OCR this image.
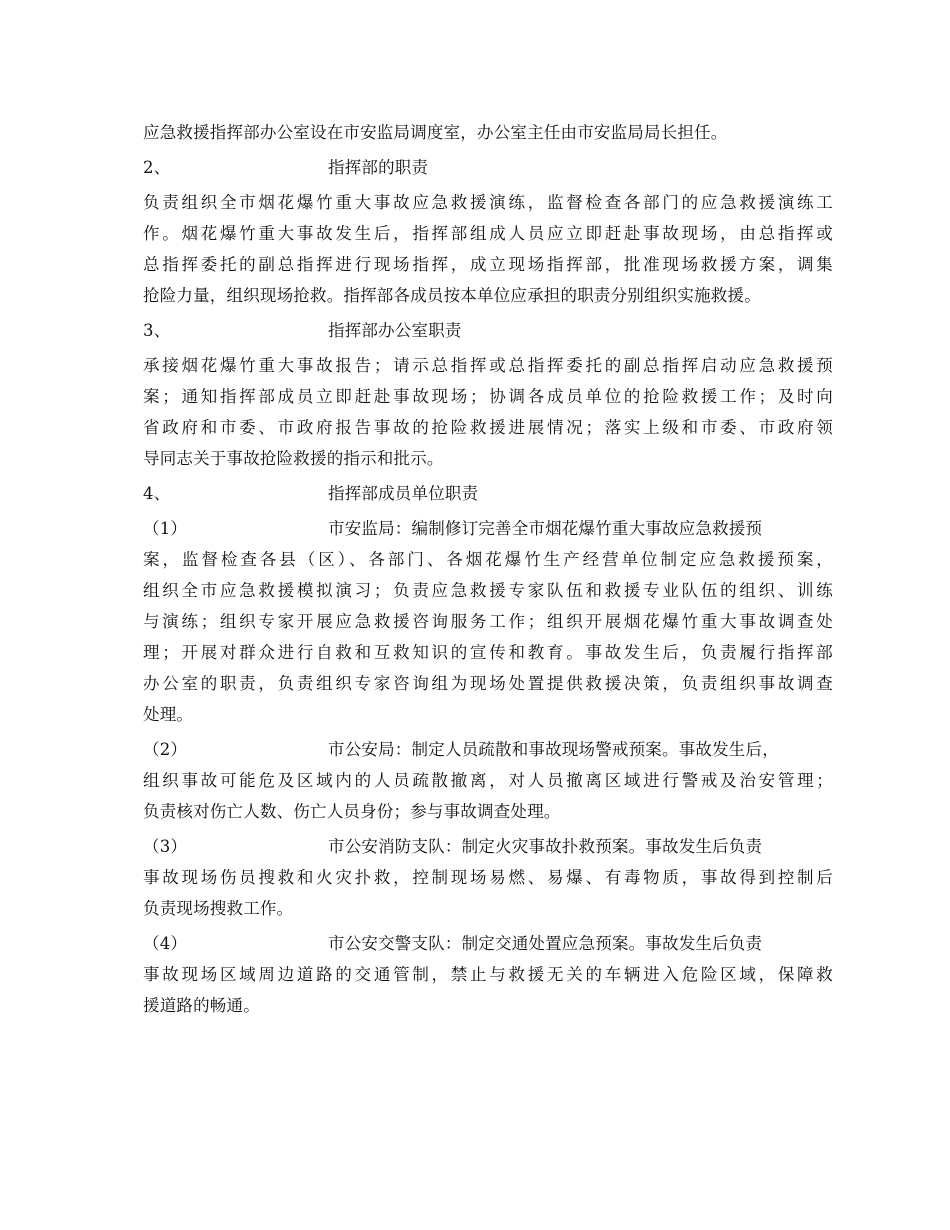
应急救援指挥部办公室设在市安监局调度室，办公室主任由市安监局局长担任。
2、	指挥部的职责
负责组织全市烟花爆竹重大事故应急救援演练，监督检查各部门的应急救援演练工
作。烟花爆竹重大事故发生后，指挥部组成人员应立即赶赴事故现场，由总指挥或
总指挥委托的副总指挥进行现场指挥，成立现场指挥部，批准现场救援方案，调集
抢险力量，组织现场抢救。指挥部各成员按本单位应承担的职责分别组织实施救援。
3、	指挥部办公室职责
承接烟花爆竹重大事故报告；请示总指挥或总指挥委托的副总指挥启动应急救援预
案；通知指挥部成员立即赶赴事故现场；协调各成员单位的抢险救援工作；及时向
省政府和市委、市政府报告事故的抢险救援进展情况；落实上级和市委、市政府领
导同志关于事故抢险救援的指示和批示。
4、	指挥部成员单位职责
（1）	市安监局：编制修订完善全市烟花爆竹重大事故应急救援预
案，监督检查各县（区）、各部门、各烟花爆竹生产经营单位制定应急救援预案，
组织全市应急救援模拟演习；负责应急救援专家队伍和救援专业队伍的组织、训练
与演练；组织专家开展应急救援咨询服务工作；组织开展烟花爆竹重大事故调查处
理；开展对群众进行自救和互救知识的宣传和教育。事故发生后，负责履行指挥部
办公室的职责，负责组织专家咨询组为现场处置提供救援决策，负责组织事故调查
处理。
（2）	市公安局：制定人员疏散和事故现场警戒预案。事故发生后，
组织事故可能危及区域内的人员疏散撤离，对人员撤离区域进行警戒及治安管理；
负责核对伤亡人数、伤亡人员身份；参与事故调查处理。
（3）	市公安消防支队：制定火灾事故扑救预案。事故发生后负责
事故现场伤员搜救和火灾扑救，控制现场易燃、易爆、有毒物质，事故得到控制后
负责现场搜救工作。
（4）	市公安交警支队：制定交通处置应急预案。事故发生后负责
事故现场区域周边道路的交通管制，禁止与救援无关的车辆进入危险区域，保障救
援道路的畅通。
